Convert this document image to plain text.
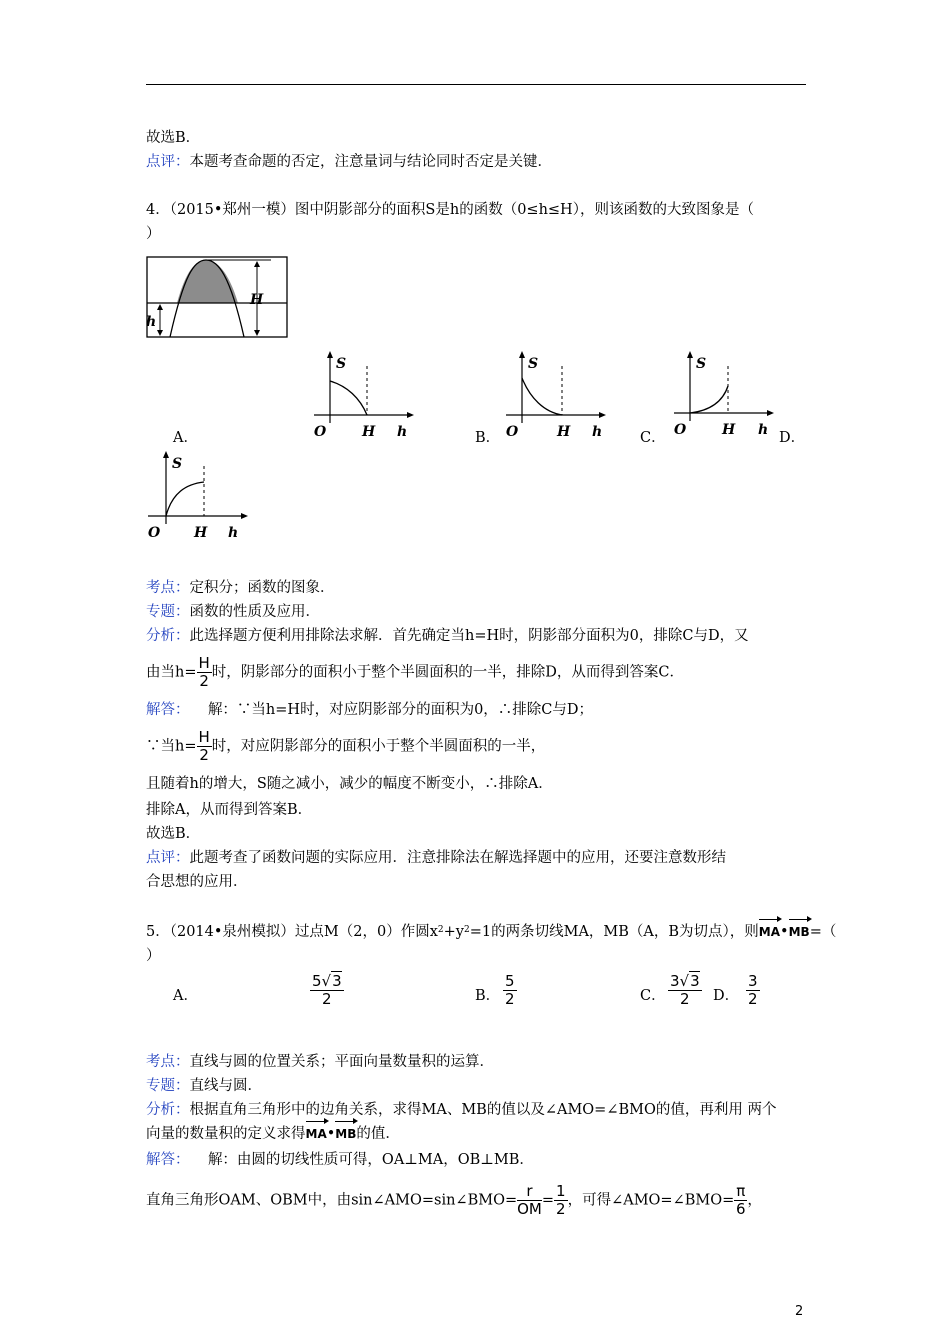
故选B．
点评：本题考查命题的否定，注意量词与结论同时否定是关键．
4．（2015•郑州一模）图中阴影部分的面积S是h的函数（0≤h≤H），则该函数的大致图象是（
）
H
h
S
O	H h
S
O	H h
S
O	H h
A．	B．	C．	D．
S
O H h
考点：定积分；函数的图象．
专题：函数的性质及应用．
分析：此选择题方便利用排除法求解．首先确定当h=H时，阴影部分面积为0，排除C与D，又
由当$h= \frac{H}{2}$ 时，阴影部分的面积小于整个半圆面积的一半，排除D，从而得到答案C．
解答： 解：∵当h=H时，对应阴影部分的面积为0，∴排除C与D；
∵当$h= \frac{H}{2}$ 时，对应阴影部分的面积小于整个半圆面积的一半，
且随着h的增大，S随之减小，减少的幅度不断变小，∴排除A．
排除A，从而得到答案B．
故选B．
点评：此题考查了函数问题的实际应用．注意排除法在解选择题中的应用，还要注意数形结
合思想的应用．
5．（2014•泉州模拟）过点M（2，0）作圆$x^2+y^2=1$的两条切线MA，MB（A，B为切点），则MA•MB=（
）
A．	$\frac{5√3}{2}$	B． $\frac{5}{2}$	C． $\frac{3√3}{2}$ D． $\frac{3}{2}$
考点：直线与圆的位置关系；平面向量数量积的运算．
专题：直线与圆．
分析：根据直角三角形中的边角关系，求得MA、MB的值以及∠AMO=∠BMO的值，再利用 两个
向量的数量积的定义求得MA•MB的值．
解答： 解：由圆的切线性质可得，OA⊥MA，OB⊥MB．
直角三角形OAM、OBM中，由sin∠AMO=sin∠BMO= $\frac{r}{OM} = \frac{1}{2}$ ，可得∠AMO=∠BMO= $\frac{\pi}{6}$ ，
2
